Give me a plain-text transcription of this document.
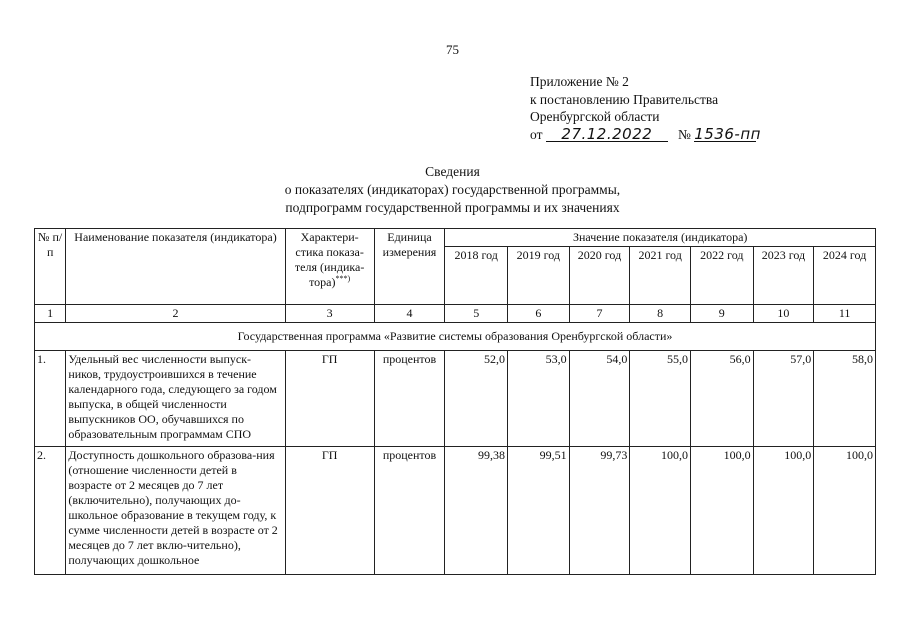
75
Приложение № 2
к постановлению Правительства
Оренбургской области
от 27.12.2022 № 1536-пп
Сведения
о показателях (индикаторах) государственной программы,
подпрограмм государственной программы и их значениях
№ п/п	Наименование показателя (индикатора)	Характери-стика показа-теля (индика-тора)***)	Единица измерения	Значение показателя (индикатора)						
				2018 год	2019 год	2020 год	2021 год	2022 год	2023 год	2024 год
1	2	3	4	5	6	7	8	9	10	11
Государственная программа «Развитие системы образования Оренбургской области»										
1.	Удельный вес численности выпуск-ников, трудоустроившихся в течение календарного года, следующего за годом выпуска, в общей численности выпускников ОО, обучавшихся по образовательным программам СПО	ГП	процентов	52,0	53,0	54,0	55,0	56,0	57,0	58,0
2.	Доступность дошкольного образова-ния (отношение численности детей в возрасте от 2 месяцев до 7 лет (включительно), получающих до-школьное образование в текущем году, к сумме численности детей в возрасте от 2 месяцев до 7 лет вклю-чительно), получающих дошкольное	ГП	процентов	99,38	99,51	99,73	100,0	100,0	100,0	100,0
